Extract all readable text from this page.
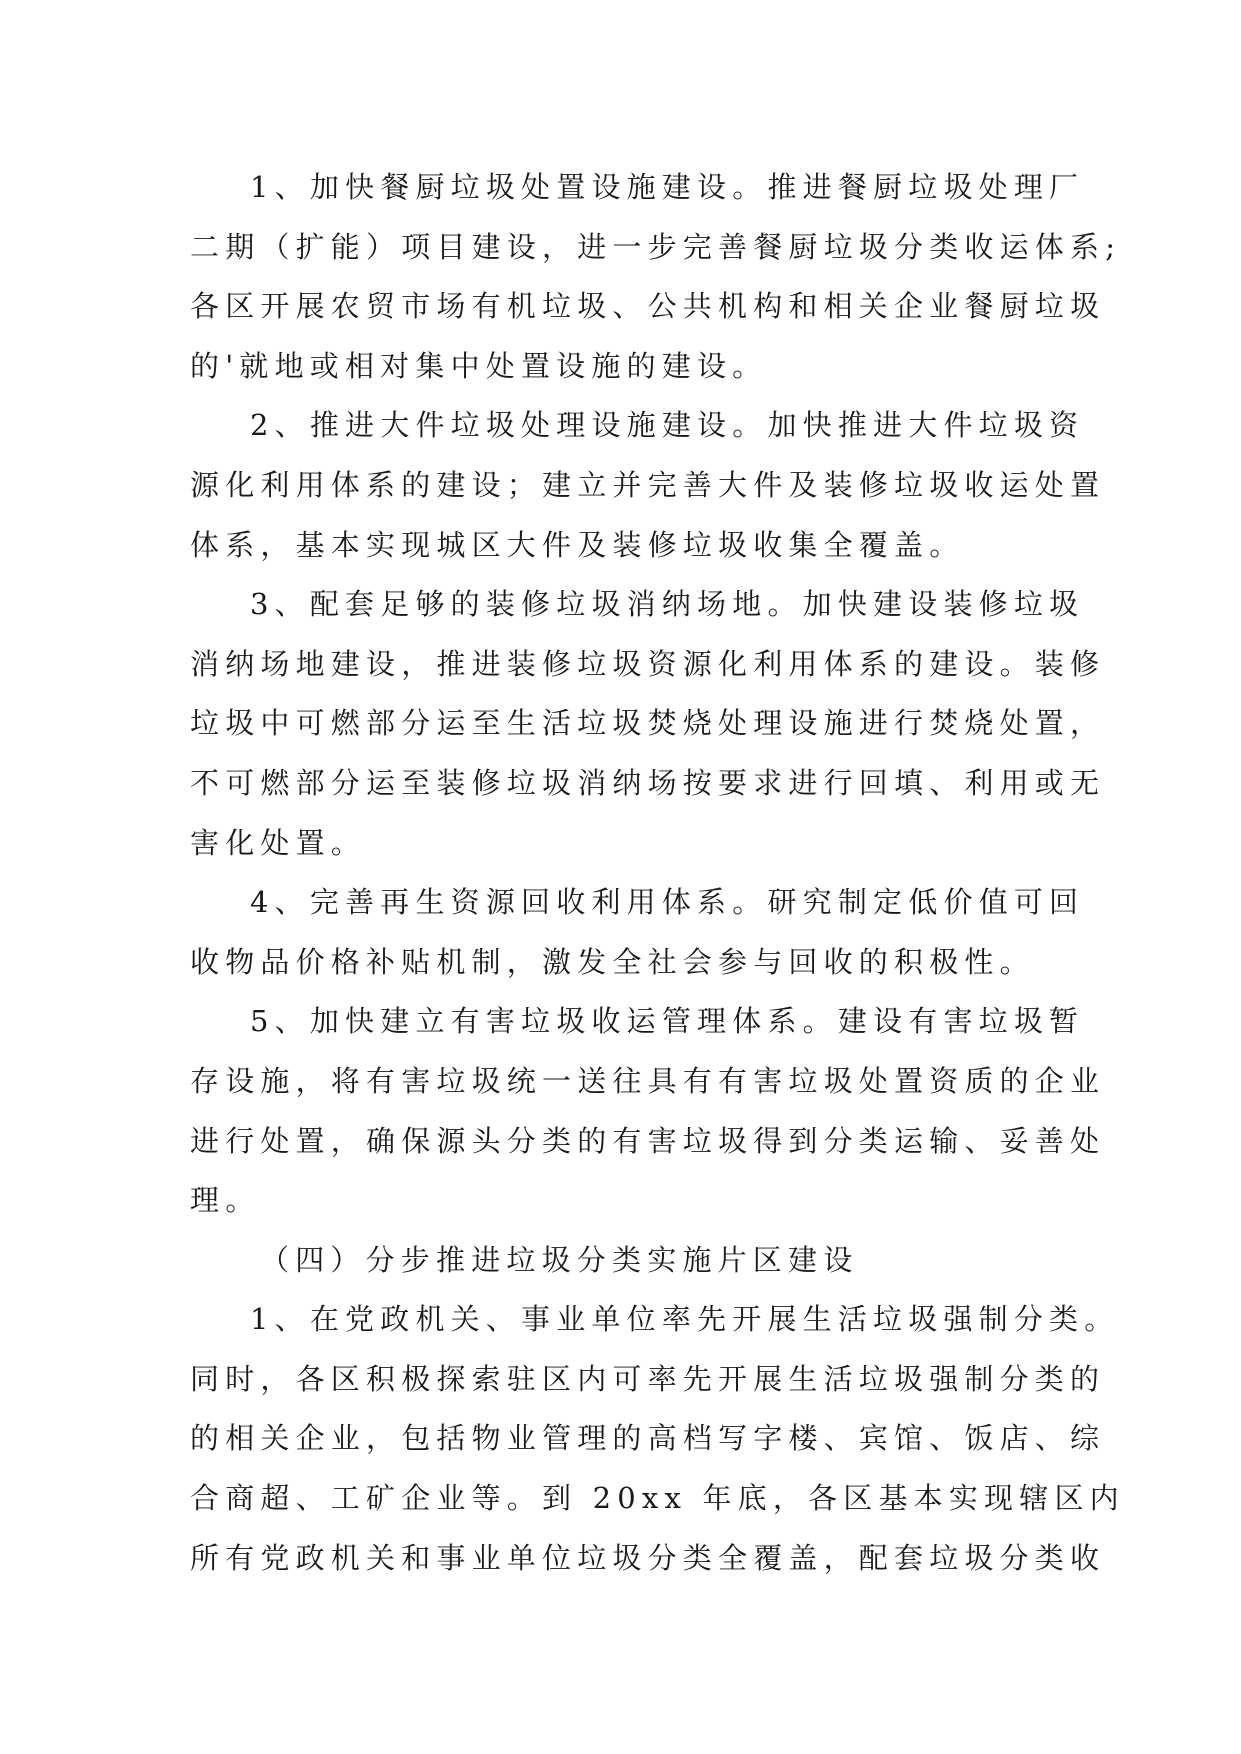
1、加快餐厨垃圾处置设施建设。推进餐厨垃圾处理厂
二期（扩能）项目建设，进一步完善餐厨垃圾分类收运体系;
各区开展农贸市场有机垃圾、公共机构和相关企业餐厨垃圾
的'就地或相对集中处置设施的建设。
2、推进大件垃圾处理设施建设。加快推进大件垃圾资
源化利用体系的建设；建立并完善大件及装修垃圾收运处置
体系，基本实现城区大件及装修垃圾收集全覆盖。
3、配套足够的装修垃圾消纳场地。加快建设装修垃圾
消纳场地建设，推进装修垃圾资源化利用体系的建设。装修
垃圾中可燃部分运至生活垃圾焚烧处理设施进行焚烧处置，
不可燃部分运至装修垃圾消纳场按要求进行回填、利用或无
害化处置。
4、完善再生资源回收利用体系。研究制定低价值可回
收物品价格补贴机制，激发全社会参与回收的积极性。
5、加快建立有害垃圾收运管理体系。建设有害垃圾暂
存设施，将有害垃圾统一送往具有有害垃圾处置资质的企业
进行处置，确保源头分类的有害垃圾得到分类运输、妥善处
理。
（四）分步推进垃圾分类实施片区建设
1、在党政机关、事业单位率先开展生活垃圾强制分类。
同时，各区积极探索驻区内可率先开展生活垃圾强制分类的
的相关企业，包括物业管理的高档写字楼、宾馆、饭店、综
合商超、工矿企业等。到 20xx 年底，各区基本实现辖区内
所有党政机关和事业单位垃圾分类全覆盖，配套垃圾分类收
